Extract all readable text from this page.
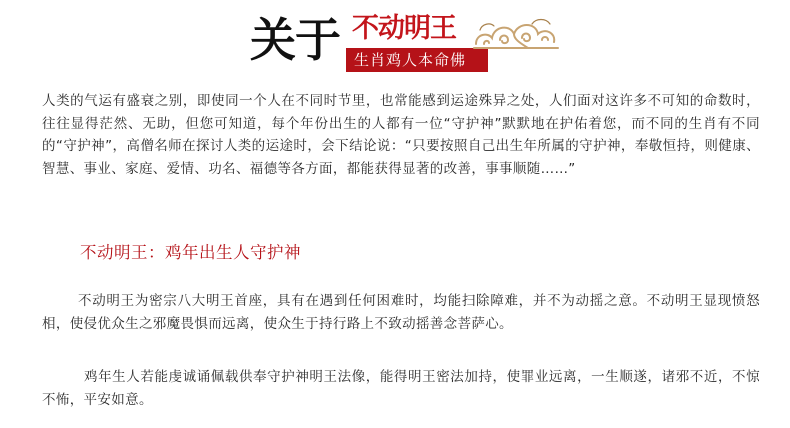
关于 不动明王
生肖鸡人本命佛

人类的气运有盛衰之别，即使同一个人在不同时节里，也常能感到运途殊异之处，人们面对这许多不可知的命数时，往往显得茫然、无助，但您可知道，每个年份出生的人都有一位“守护神”默默地在护佑着您，而不同的生肖有不同的“守护神”，高僧名师在探讨人类的运途时，会下结论说：“只要按照自己出生年所属的守护神，奉敬恒持，则健康、智慧、事业、家庭、爱情、功名、福德等各方面，都能获得显著的改善，事事顺随……”

不动明王：鸡年出生人守护神

不动明王为密宗八大明王首座，具有在遇到任何困难时，均能扫除障难，并不为动摇之意。不动明王显现愤怒相，使侵优众生之邪魔畏惧而远离，使众生于持行路上不致动摇善念菩萨心。

鸡年生人若能虔诚诵佩载供奉守护神明王法像，能得明王密法加持，使罪业远离，一生顺遂，诸邪不近，不惊不怖，平安如意。
